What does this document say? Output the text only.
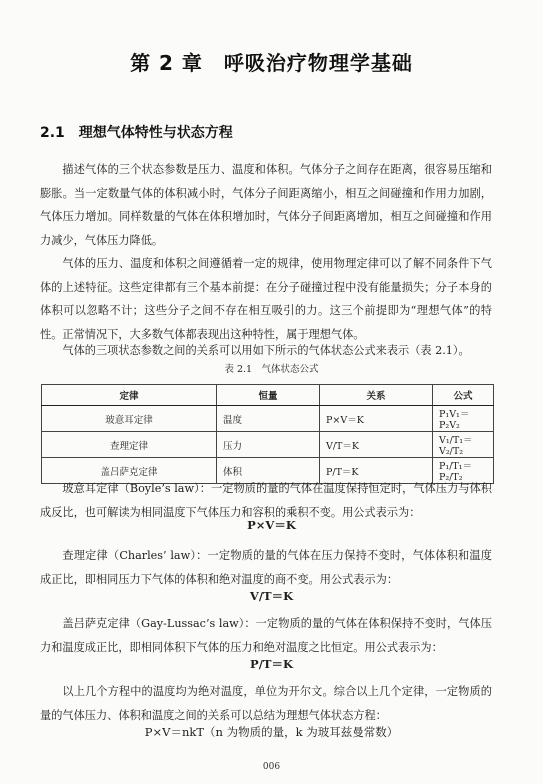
第 2 章　呼吸治疗物理学基础
2.1　理想气体特性与状态方程

描述气体的三个状态参数是压力、温度和体积。气体分子之间存在距离，很容易压缩和膨胀。当一定数量气体的体积减小时，气体分子间距离缩小，相互之间碰撞和作用力加剧，气体压力增加。同样数量的气体在体积增加时，气体分子间距离增加，相互之间碰撞和作用力减少，气体压力降低。

气体的压力、温度和体积之间遵循着一定的规律，使用物理定律可以了解不同条件下气体的上述特征。这些定律都有三个基本前提：在分子碰撞过程中没有能量损失；分子本身的体积可以忽略不计；这些分子之间不存在相互吸引的力。这三个前提即为“理想气体”的特性。正常情况下，大多数气体都表现出这种特性，属于理想气体。

气体的三项状态参数之间的关系可以用如下所示的气体状态公式来表示（表 2.1）。

表 2.1　气体状态公式
定律	恒量	关系	公式
玻意耳定律	温度	P×V＝K	P₁V₁＝ P₂V₂
查理定律	压力	V/T＝K	V₁/T₁＝V₂/T₂
盖吕萨克定律	体积	P/T＝K	P₁/T₁＝ P₂/T₂

玻意耳定律（Boyle’s law）：一定物质的量的气体在温度保持恒定时，气体压力与体积成反比，也可解读为相同温度下气体压力和容积的乘积不变。用公式表示为：

P×V＝K

查理定律（Charles’ law）：一定物质的量的气体在压力保持不变时，气体体积和温度成正比，即相同压力下气体的体积和绝对温度的商不变。用公式表示为：

V/T＝K

盖吕萨克定律（Gay-Lussac’s law）：一定物质的量的气体在体积保持不变时，气体压力和温度成正比，即相同体积下气体的压力和绝对温度之比恒定。用公式表示为：

P/T＝K

以上几个方程中的温度均为绝对温度，单位为开尔文。综合以上几个定律，一定物质的量的气体压力、体积和温度之间的关系可以总结为理想气体状态方程：

P×V＝nkT（n 为物质的量，k 为玻耳兹曼常数）
006
